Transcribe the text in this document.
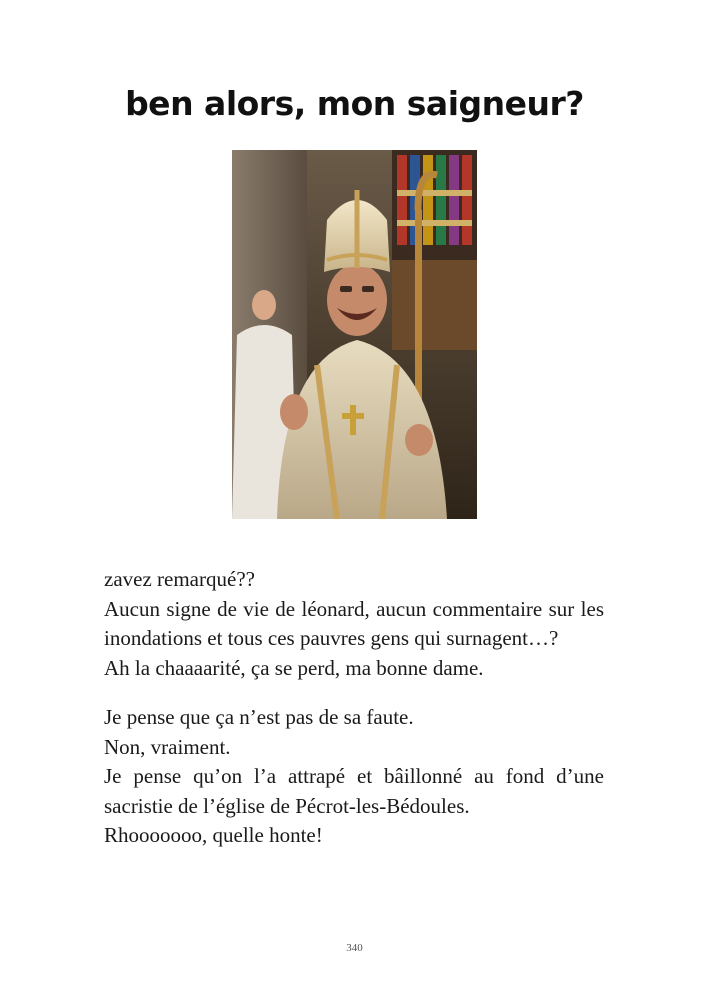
ben alors, mon saigneur?

zavez remarqué??

Aucun signe de vie de léonard, aucun commentaire sur les inondations et tous ces pauvres gens qui surnagent…?

Ah la chaaaarité, ça se perd, ma bonne dame.

Je pense que ça n’est pas de sa faute.

Non, vraiment.

Je pense qu’on l’a attrapé et bâillonné au fond d’une sacristie de l’église de Pécrot-les-Bédoules.

Rhooooooo, quelle honte!

340
